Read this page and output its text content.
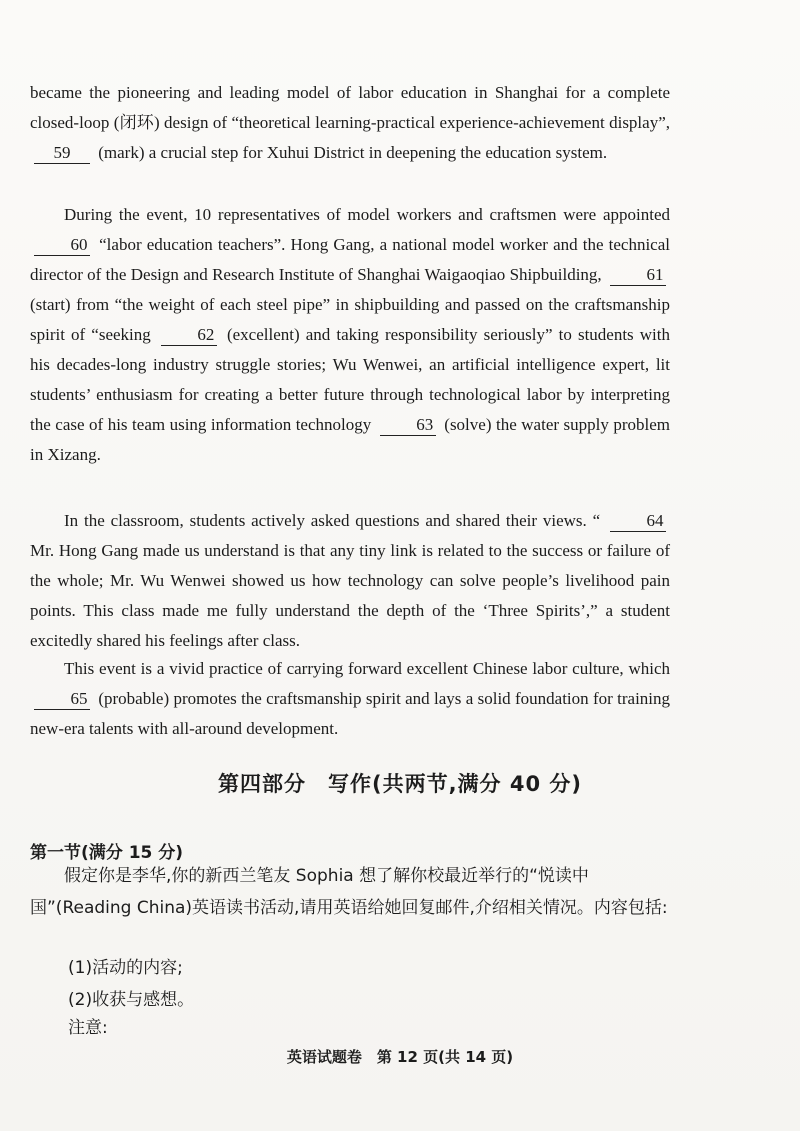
became the pioneering and leading model of labor education in Shanghai for a complete closed-loop (闭环) design of “theoretical learning-practical experience-achievement display”, 59 (mark) a crucial step for Xuhui District in deepening the education system.

During the event, 10 representatives of model workers and craftsmen were appointed 60 “labor education teachers”. Hong Gang, a national model worker and the technical director of the Design and Research Institute of Shanghai Waigaoqiao Shipbuilding,	61 (start) from “the weight of each steel pipe” in shipbuilding and passed on the craftsmanship spirit of “seeking	62 (excellent) and taking responsibility seriously” to students with his decades-long industry struggle stories; Wu Wenwei, an artificial intelligence expert, lit students’ enthusiasm for creating a better future through technological labor by interpreting the case of his team using information technology	63 (solve) the water supply problem in Xizang.

In the classroom, students actively asked questions and shared their views. “	64 Mr. Hong Gang made us understand is that any tiny link is related to the success or failure of the whole; Mr. Wu Wenwei showed us how technology can solve people’s livelihood pain points. This class made me fully understand the depth of the ‘Three Spirits’,” a student excitedly shared his feelings after class.

This event is a vivid practice of carrying forward excellent Chinese labor culture, which 65 (probable) promotes the craftsmanship spirit and lays a solid foundation for training new-era talents with all-around development.

第四部分　写作(共两节,满分 40 分)
第一节(满分 15 分)

假定你是李华,你的新西兰笔友 Sophia 想了解你校最近举行的“悦读中国”(Reading China)英语读书活动,请用英语给她回复邮件,介绍相关情况。内容包括:

(1)活动的内容;
(2)收获与感想。
注意:
英语试题卷　第 12 页(共 14 页)
